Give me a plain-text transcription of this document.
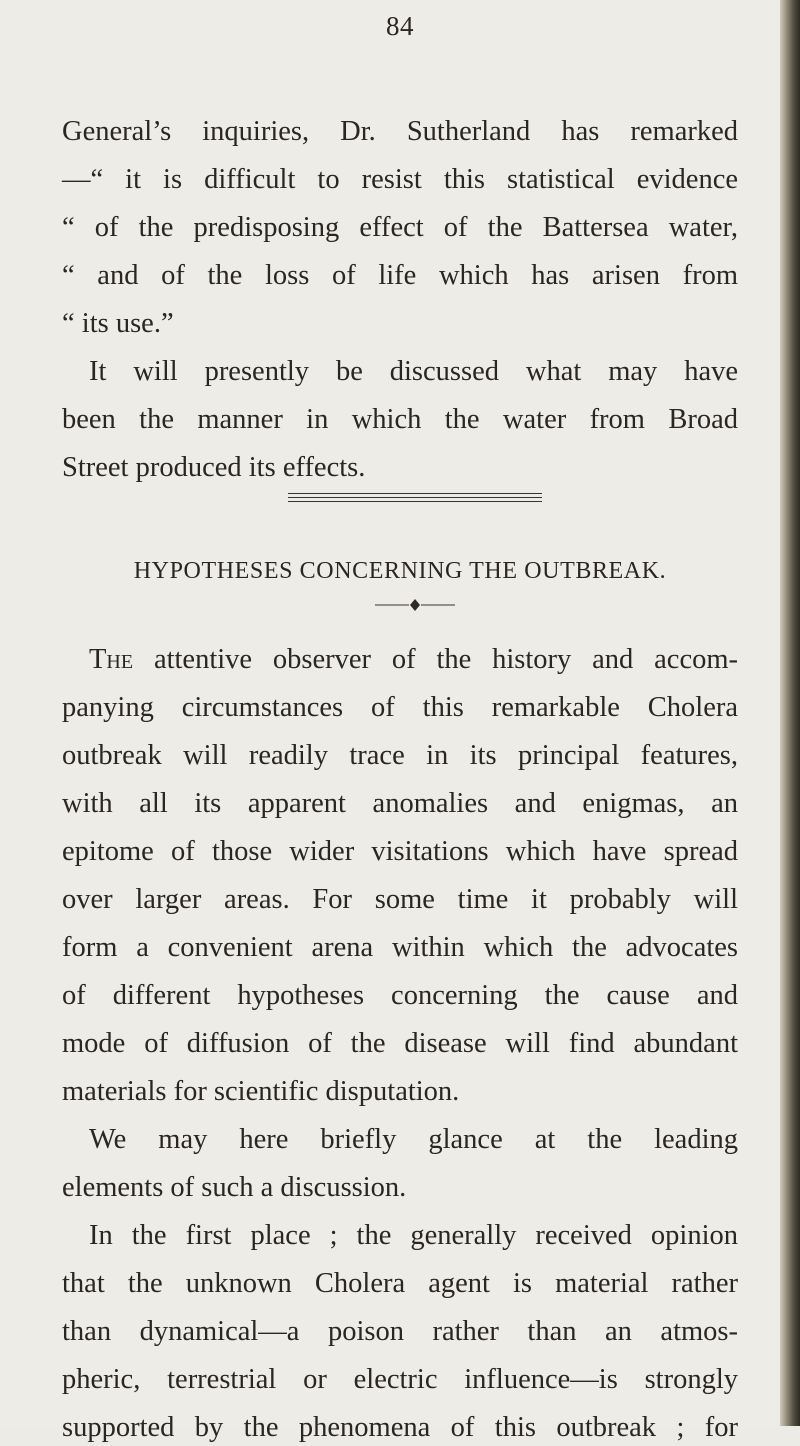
84
General’s inquiries, Dr. Sutherland has remarked
—“ it is difficult to resist this statistical evidence
“ of the predisposing effect of the Battersea water,
“ and of the loss of life which has arisen from
“ its use.”
It will presently be discussed what may have
been the manner in which the water from Broad
Street produced its effects.
HYPOTHESES CONCERNING THE OUTBREAK.
The attentive observer of the history and accom-
panying circumstances of this remarkable Cholera
outbreak will readily trace in its principal features,
with all its apparent anomalies and enigmas, an
epitome of those wider visitations which have spread
over larger areas. For some time it probably will
form a convenient arena within which the advocates
of different hypotheses concerning the cause and
mode of diffusion of the disease will find abundant
materials for scientific disputation.
We may here briefly glance at the leading
elements of such a discussion.
In the first place ; the generally received opinion
that the unknown Cholera agent is material rather
than dynamical—a poison rather than an atmos-
pheric, terrestrial or electric influence—is strongly
supported by the phenomena of this outbreak ; for
